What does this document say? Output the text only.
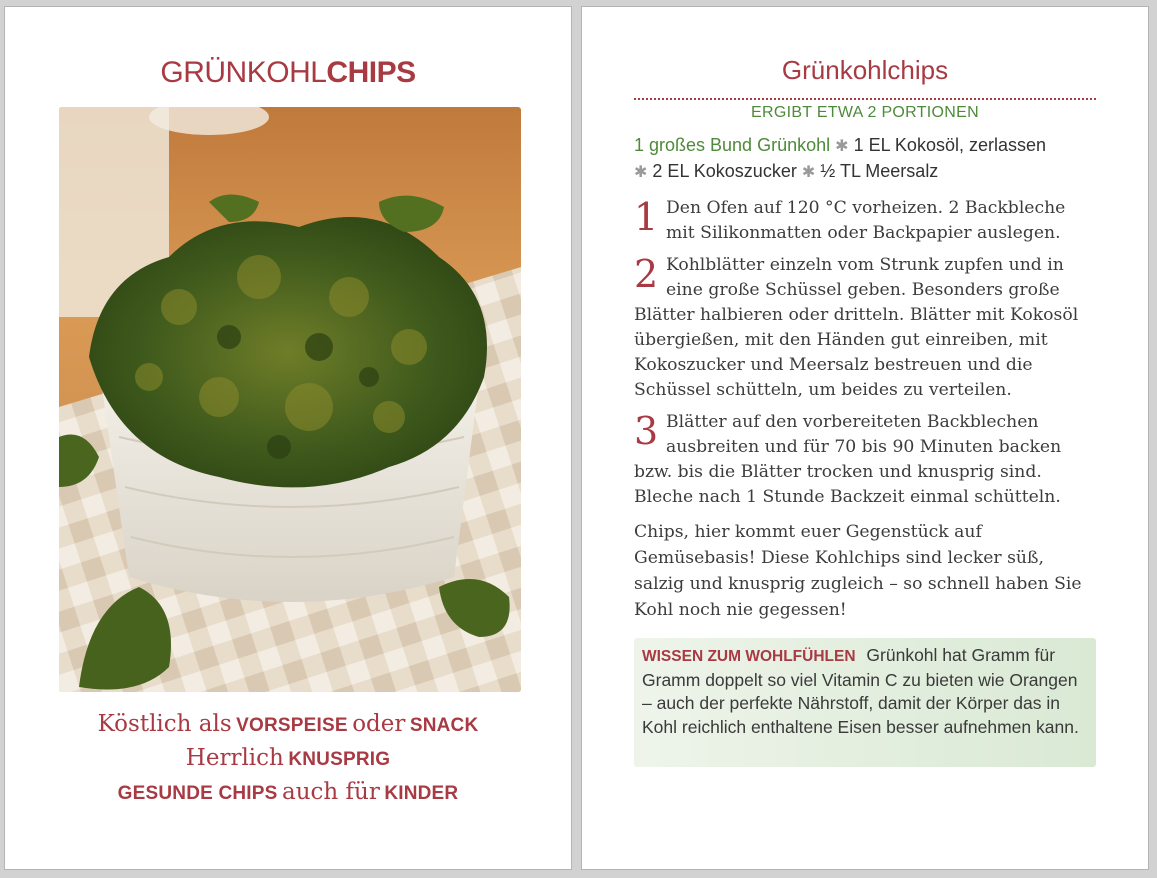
GRÜNKOHLCHIPS
Köstlich als VORSPEISE oder SNACK
Herrlich KNUSPRIG
GESUNDE CHIPS auch für KINDER
Grünkohlchips
ERGIBT ETWA 2 PORTIONEN
1 großes Bund Grünkohl ✱ 1 EL Kokosöl, zerlassen
✱ 2 EL Kokoszucker ✱ ½ TL Meersalz
1 Den Ofen auf 120 °C vorheizen. 2 Backbleche mit Silikonmatten oder Backpapier auslegen.
2 Kohlblätter einzeln vom Strunk zupfen und in eine große Schüssel geben. Besonders große Blätter halbieren oder dritteln. Blätter mit Kokosöl übergießen, mit den Händen gut einreiben, mit Kokoszucker und Meersalz bestreuen und die Schüssel schütteln, um beides zu verteilen.
3 Blätter auf den vorbereiteten Backblechen ausbreiten und für 70 bis 90 Minuten backen bzw. bis die Blätter trocken und knusprig sind. Bleche nach 1 Stunde Backzeit einmal schütteln.
Chips, hier kommt euer Gegenstück auf Gemüsebasis! Diese Kohlchips sind lecker süß, salzig und knusprig zugleich – so schnell haben Sie Kohl noch nie gegessen!
WISSEN ZUM WOHLFÜHLEN Grünkohl hat Gramm für Gramm doppelt so viel Vitamin C zu bieten wie Orangen – auch der perfekte Nährstoff, damit der Körper das in Kohl reichlich enthaltene Eisen besser aufnehmen kann.
